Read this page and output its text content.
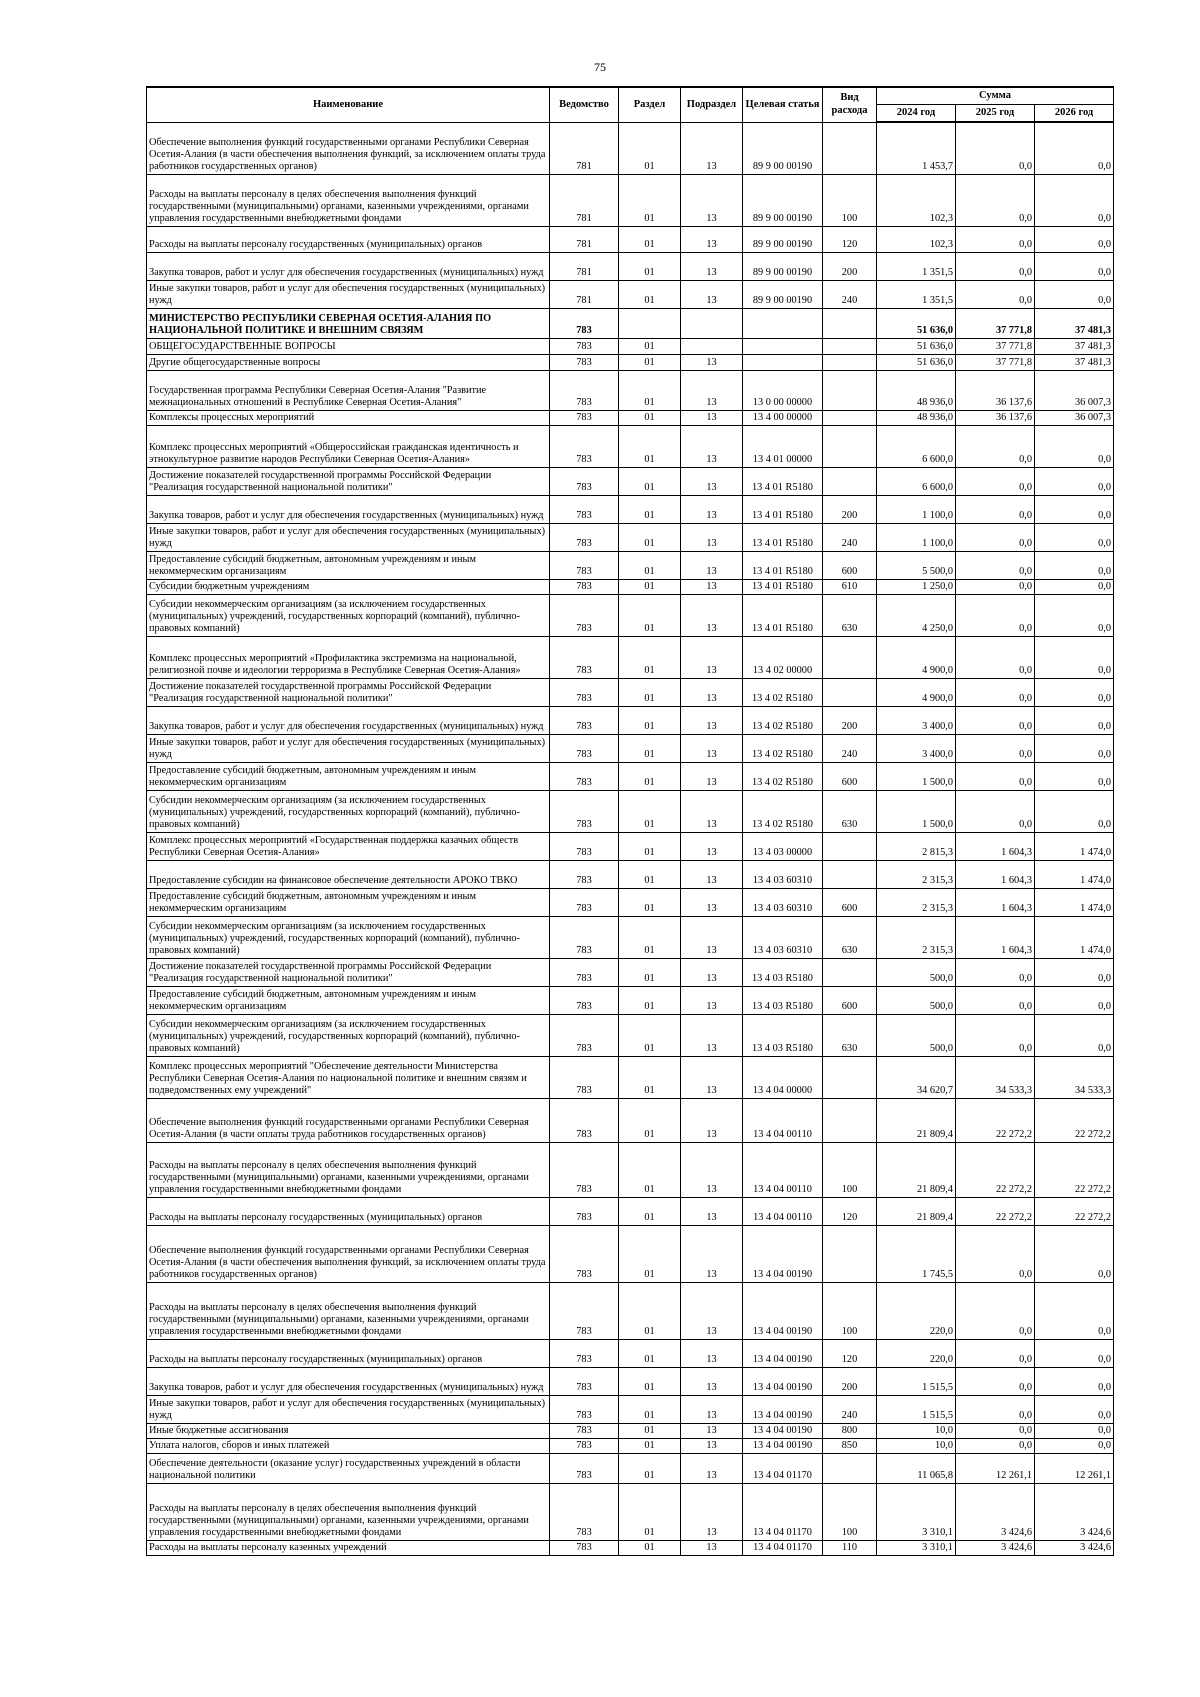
75
Наименование	Ведомство	Раздел	Подраздел	Целевая статья	Вид расхода	Сумма		
						2024 год	2025 год	2026 год
Обеспечение выполнения функций государственными органами Республики Северная Осетия-Алания (в части обеспечения выполнения функций, за исключением оплаты труда работников государственных органов)	781	01	13	89 9 00 00190		1 453,7	0,0	0,0
Расходы на выплаты персоналу в целях обеспечения выполнения функций государственными (муниципальными) органами, казенными учреждениями, органами управления государственными внебюджетными фондами	781	01	13	89 9 00 00190	100	102,3	0,0	0,0
Расходы на выплаты персоналу государственных (муниципальных) органов	781	01	13	89 9 00 00190	120	102,3	0,0	0,0
Закупка товаров, работ и услуг для обеспечения государственных (муниципальных) нужд	781	01	13	89 9 00 00190	200	1 351,5	0,0	0,0
Иные закупки товаров, работ и услуг для обеспечения государственных (муниципальных) нужд	781	01	13	89 9 00 00190	240	1 351,5	0,0	0,0
МИНИСТЕРСТВО РЕСПУБЛИКИ СЕВЕРНАЯ ОСЕТИЯ-АЛАНИЯ ПО НАЦИОНАЛЬНОЙ ПОЛИТИКЕ И ВНЕШНИМ СВЯЗЯМ	783					51 636,0	37 771,8	37 481,3
ОБЩЕГОСУДАРСТВЕННЫЕ ВОПРОСЫ	783	01				51 636,0	37 771,8	37 481,3
Другие общегосударственные вопросы	783	01	13			51 636,0	37 771,8	37 481,3
Государственная программа Республики Северная Осетия-Алания "Развитие межнациональных отношений в Республике Северная Осетия-Алания"	783	01	13	13 0 00 00000		48 936,0	36 137,6	36 007,3
Комплексы процессных мероприятий	783	01	13	13 4 00 00000		48 936,0	36 137,6	36 007,3
Комплекс процессных мероприятий «Общероссийская гражданская идентичность и этнокультурное развитие народов Республики Северная Осетия-Алания»	783	01	13	13 4 01 00000		6 600,0	0,0	0,0
Достижение показателей государственной программы Российской Федерации "Реализация государственной национальной политики"	783	01	13	13 4 01 R5180		6 600,0	0,0	0,0
Закупка товаров, работ и услуг для обеспечения государственных (муниципальных) нужд	783	01	13	13 4 01 R5180	200	1 100,0	0,0	0,0
Иные закупки товаров, работ и услуг для обеспечения государственных (муниципальных) нужд	783	01	13	13 4 01 R5180	240	1 100,0	0,0	0,0
Предоставление субсидий бюджетным, автономным учреждениям и иным некоммерческим организациям	783	01	13	13 4 01 R5180	600	5 500,0	0,0	0,0
Субсидии бюджетным учреждениям	783	01	13	13 4 01 R5180	610	1 250,0	0,0	0,0
Субсидии некоммерческим организациям (за исключением государственных (муниципальных) учреждений, государственных корпораций (компаний), публично-правовых компаний)	783	01	13	13 4 01 R5180	630	4 250,0	0,0	0,0
Комплекс процессных мероприятий «Профилактика экстремизма на национальной, религиозной почве и идеологии терроризма в Республике Северная Осетия-Алания»	783	01	13	13 4 02 00000		4 900,0	0,0	0,0
Достижение показателей государственной программы Российской Федерации "Реализация государственной национальной политики"	783	01	13	13 4 02 R5180		4 900,0	0,0	0,0
Закупка товаров, работ и услуг для обеспечения государственных (муниципальных) нужд	783	01	13	13 4 02 R5180	200	3 400,0	0,0	0,0
Иные закупки товаров, работ и услуг для обеспечения государственных (муниципальных) нужд	783	01	13	13 4 02 R5180	240	3 400,0	0,0	0,0
Предоставление субсидий бюджетным, автономным учреждениям и иным некоммерческим организациям	783	01	13	13 4 02 R5180	600	1 500,0	0,0	0,0
Субсидии некоммерческим организациям (за исключением государственных (муниципальных) учреждений, государственных корпораций (компаний), публично-правовых компаний)	783	01	13	13 4 02 R5180	630	1 500,0	0,0	0,0
Комплекс процессных мероприятий «Государственная поддержка казачьих обществ Республики Северная Осетия-Алания»	783	01	13	13 4 03 00000		2 815,3	1 604,3	1 474,0
Предоставление субсидии на финансовое обеспечение деятельности АРОКО ТВКО	783	01	13	13 4 03 60310		2 315,3	1 604,3	1 474,0
Предоставление субсидий бюджетным, автономным учреждениям и иным некоммерческим организациям	783	01	13	13 4 03 60310	600	2 315,3	1 604,3	1 474,0
Субсидии некоммерческим организациям (за исключением государственных (муниципальных) учреждений, государственных корпораций (компаний), публично-правовых компаний)	783	01	13	13 4 03 60310	630	2 315,3	1 604,3	1 474,0
Достижение показателей государственной программы Российской Федерации "Реализация государственной национальной политики"	783	01	13	13 4 03 R5180		500,0	0,0	0,0
Предоставление субсидий бюджетным, автономным учреждениям и иным некоммерческим организациям	783	01	13	13 4 03 R5180	600	500,0	0,0	0,0
Субсидии некоммерческим организациям (за исключением государственных (муниципальных) учреждений, государственных корпораций (компаний), публично-правовых компаний)	783	01	13	13 4 03 R5180	630	500,0	0,0	0,0
Комплекс процессных мероприятий "Обеспечение деятельности Министерства Республики Северная Осетия-Алания по национальной политике и внешним связям и подведомственных ему учреждений"	783	01	13	13 4 04 00000		34 620,7	34 533,3	34 533,3
Обеспечение выполнения функций государственными органами Республики Северная Осетия-Алания (в части оплаты труда работников государственных органов)	783	01	13	13 4 04 00110		21 809,4	22 272,2	22 272,2
Расходы на выплаты персоналу в целях обеспечения выполнения функций государственными (муниципальными) органами, казенными учреждениями, органами управления государственными внебюджетными фондами	783	01	13	13 4 04 00110	100	21 809,4	22 272,2	22 272,2
Расходы на выплаты персоналу государственных (муниципальных) органов	783	01	13	13 4 04 00110	120	21 809,4	22 272,2	22 272,2
Обеспечение выполнения функций государственными органами Республики Северная Осетия-Алания (в части обеспечения выполнения функций, за исключением оплаты труда работников государственных органов)	783	01	13	13 4 04 00190		1 745,5	0,0	0,0
Расходы на выплаты персоналу в целях обеспечения выполнения функций государственными (муниципальными) органами, казенными учреждениями, органами управления государственными внебюджетными фондами	783	01	13	13 4 04 00190	100	220,0	0,0	0,0
Расходы на выплаты персоналу государственных (муниципальных) органов	783	01	13	13 4 04 00190	120	220,0	0,0	0,0
Закупка товаров, работ и услуг для обеспечения государственных (муниципальных) нужд	783	01	13	13 4 04 00190	200	1 515,5	0,0	0,0
Иные закупки товаров, работ и услуг для обеспечения государственных (муниципальных) нужд	783	01	13	13 4 04 00190	240	1 515,5	0,0	0,0
Иные бюджетные ассигнования	783	01	13	13 4 04 00190	800	10,0	0,0	0,0
Уплата налогов, сборов и иных платежей	783	01	13	13 4 04 00190	850	10,0	0,0	0,0
Обеспечение деятельности (оказание услуг) государственных учреждений в области национальной политики	783	01	13	13 4 04 01170		11 065,8	12 261,1	12 261,1
Расходы на выплаты персоналу в целях обеспечения выполнения функций государственными (муниципальными) органами, казенными учреждениями, органами управления государственными внебюджетными фондами	783	01	13	13 4 04 01170	100	3 310,1	3 424,6	3 424,6
Расходы на выплаты персоналу казенных учреждений	783	01	13	13 4 04 01170	110	3 310,1	3 424,6	3 424,6
